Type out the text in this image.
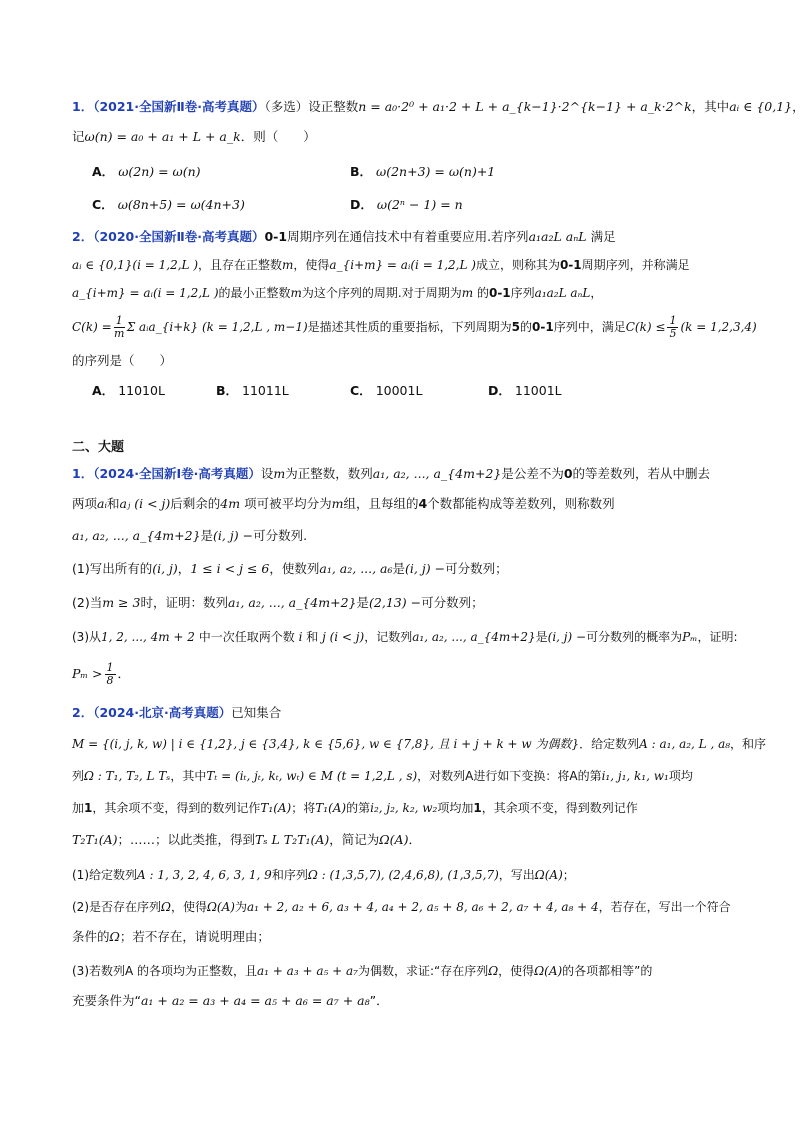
1．（2021·全国新Ⅱ卷·高考真题）（多选）设正整数n = a₀·2⁰ + a₁·2 + L + a_{k−1}·2^{k−1} + a_k·2^k，其中aᵢ ∈ {0,1}，
记ω(n) = a₀ + a₁ + L + a_k．则（　　）
A． ω(2n) = ω(n)	B． ω(2n+3) = ω(n)+1
C． ω(8n+5) = ω(4n+3)	D． ω(2ⁿ − 1) = n
2．（2020·全国新Ⅱ卷·高考真题）0-1周期序列在通信技术中有着重要应用.若序列a₁a₂L aₙL 满足
aᵢ ∈ {0,1}(i = 1,2,L )，且存在正整数m，使得a_{i+m} = aᵢ(i = 1,2,L )成立，则称其为0-1周期序列，并称满足
a_{i+m} = aᵢ(i = 1,2,L )的最小正整数m为这个序列的周期.对于周期为m 的0-1序列a₁a₂L aₙL，
$C(k) = \frac{1}{m}$ Σ aᵢa_{i+k} (k = 1,2,L , m−1)是描述其性质的重要指标，下列周期为5的0-1序列中，满足$C(k) \le \frac{1}{5} (k = 1,2,3,4)$
的序列是（　　）
A． 11010L	B． 11011L	C． 10001L	D． 11001L
二、大题
1．（2024·全国新Ⅰ卷·高考真题）设m为正整数，数列a₁, a₂, ..., a_{4m+2}是公差不为0的等差数列，若从中删去
两项aᵢ和aⱼ (i < j)后剩余的4m 项可被平均分为m组，且每组的4个数都能构成等差数列，则称数列
a₁, a₂, ..., a_{4m+2}是(i, j) −可分数列.
(1)写出所有的(i, j)，1 ≤ i < j ≤ 6，使数列a₁, a₂, ..., a₆是(i, j) −可分数列；
(2)当m ≥ 3时，证明：数列a₁, a₂, ..., a_{4m+2}是(2,13) −可分数列；
(3)从1, 2, ..., 4m + 2 中一次任取两个数 i 和 j (i < j)，记数列a₁, a₂, ..., a_{4m+2}是(i, j) −可分数列的概率为Pₘ，证明:
$P_m > \frac{1}{8}$ ．
2．（2024·北京·高考真题）已知集合
M = {(i, j, k, w) | i ∈ {1,2}, j ∈ {3,4}, k ∈ {5,6}, w ∈ {7,8}, 且 i + j + k + w 为偶数}．给定数列A : a₁, a₂, L , a₈，和序
列Ω : T₁, T₂, L Tₛ，其中Tₜ = (iₜ, jₜ, kₜ, wₜ) ∈ M (t = 1,2,L , s)，对数列A进行如下变换：将A的第i₁, j₁, k₁, w₁项均
加1，其余项不变，得到的数列记作T₁(A)；将T₁(A)的第i₂, j₂, k₂, w₂项均加1，其余项不变，得到数列记作
T₂T₁(A)；……；以此类推，得到Tₛ L T₂T₁(A)，简记为Ω(A)．
(1)给定数列A : 1, 3, 2, 4, 6, 3, 1, 9和序列Ω : (1,3,5,7), (2,4,6,8), (1,3,5,7)，写出Ω(A)；
(2)是否存在序列Ω，使得Ω(A)为a₁ + 2, a₂ + 6, a₃ + 4, a₄ + 2, a₅ + 8, a₆ + 2, a₇ + 4, a₈ + 4，若存在，写出一个符合
条件的Ω；若不存在，请说明理由；
(3)若数列A 的各项均为正整数，且a₁ + a₃ + a₅ + a₇为偶数，求证:“存在序列Ω，使得Ω(A)的各项都相等”的
充要条件为“a₁ + a₂ = a₃ + a₄ = a₅ + a₆ = a₇ + a₈”．
